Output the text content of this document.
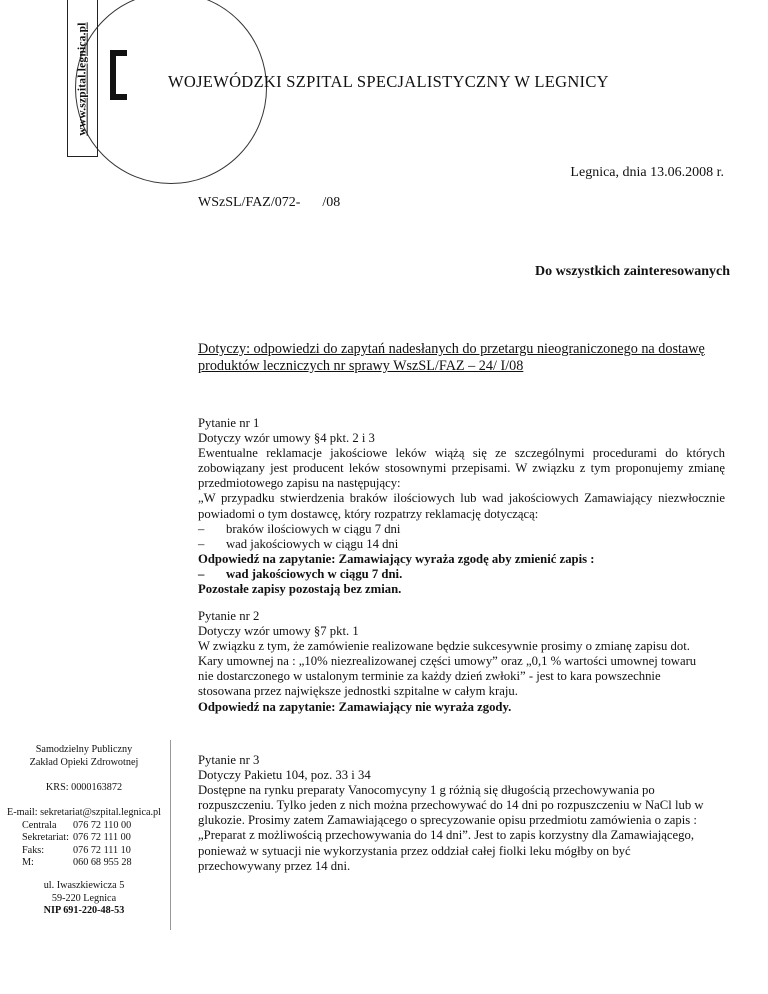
www.szpital.legnica.pl	WOJEWÓDZKI SZPITAL SPECJALISTYCZNY W LEGNICY
Legnica, dnia 13.06.2008 r.
WSzSL/FAZ/072- /08
Do wszystkich zainteresowanych
Dotyczy: odpowiedzi do zapytań nadesłanych do przetargu nieograniczonego na dostawę produktów leczniczych nr sprawy WszSL/FAZ – 24/ I/08

Pytanie nr 1

Dotyczy wzór umowy §4 pkt. 2 i 3

Ewentualne reklamacje jakościowe leków wiążą się ze szczególnymi procedurami do których zobowiązany jest producent leków stosownymi przepisami. W związku z tym proponujemy zmianę przedmiotowego zapisu na następujący:

„W przypadku stwierdzenia braków ilościowych lub wad jakościowych Zamawiający niezwłocznie powiadomi o tym dostawcę, który rozpatrzy reklamację dotyczącą:

– braków ilościowych w ciągu 7 dni

– wad jakościowych w ciągu 14 dni

Odpowiedź na zapytanie: Zamawiający wyraża zgodę aby zmienić zapis :

– wad jakościowych w ciągu 7 dni.

Pozostałe zapisy pozostają bez zmian.

Pytanie nr 2

Dotyczy wzór umowy §7 pkt. 1

W związku z tym, że zamówienie realizowane będzie sukcesywnie prosimy o zmianę zapisu dot.

Kary umownej na : „10% niezrealizowanej części umowy” oraz „0,1 % wartości umownej towaru

nie dostarczonego w ustalonym terminie za każdy dzień zwłoki” - jest to kara powszechnie

stosowana przez największe jednostki szpitalne w całym kraju.

Odpowiedź na zapytanie: Zamawiający nie wyraża zgody.

Pytanie nr 3

Dotyczy Pakietu 104, poz. 33 i 34

Dostępne na rynku preparaty Vanocomycyny 1 g różnią się długością przechowywania po

rozpuszczeniu. Tylko jeden z nich można przechowywać do 14 dni po rozpuszczeniu w NaCl lub w

glukozie. Prosimy zatem Zamawiającego o sprecyzowanie opisu przedmiotu zamówienia o zapis :

„Preparat z możliwością przechowywania do 14 dni”. Jest to zapis korzystny dla Zamawiającego,

ponieważ w sytuacji nie wykorzystania przez oddział całej fiolki leku mógłby on być

przechowywany przez 14 dni.

Samodzielny Publiczny
Zakład Opieki Zdrowotnej
KRS: 0000163872
E-mail: sekretariat@szpital.legnica.pl
Centrala	076 72 110 00
Sekretariat: 076 72 111 00
Faks:	076 72 111 10
M:	060 68 955 28
ul. Iwaszkiewicza 5
59-220 Legnica
NIP 691-220-48-53
